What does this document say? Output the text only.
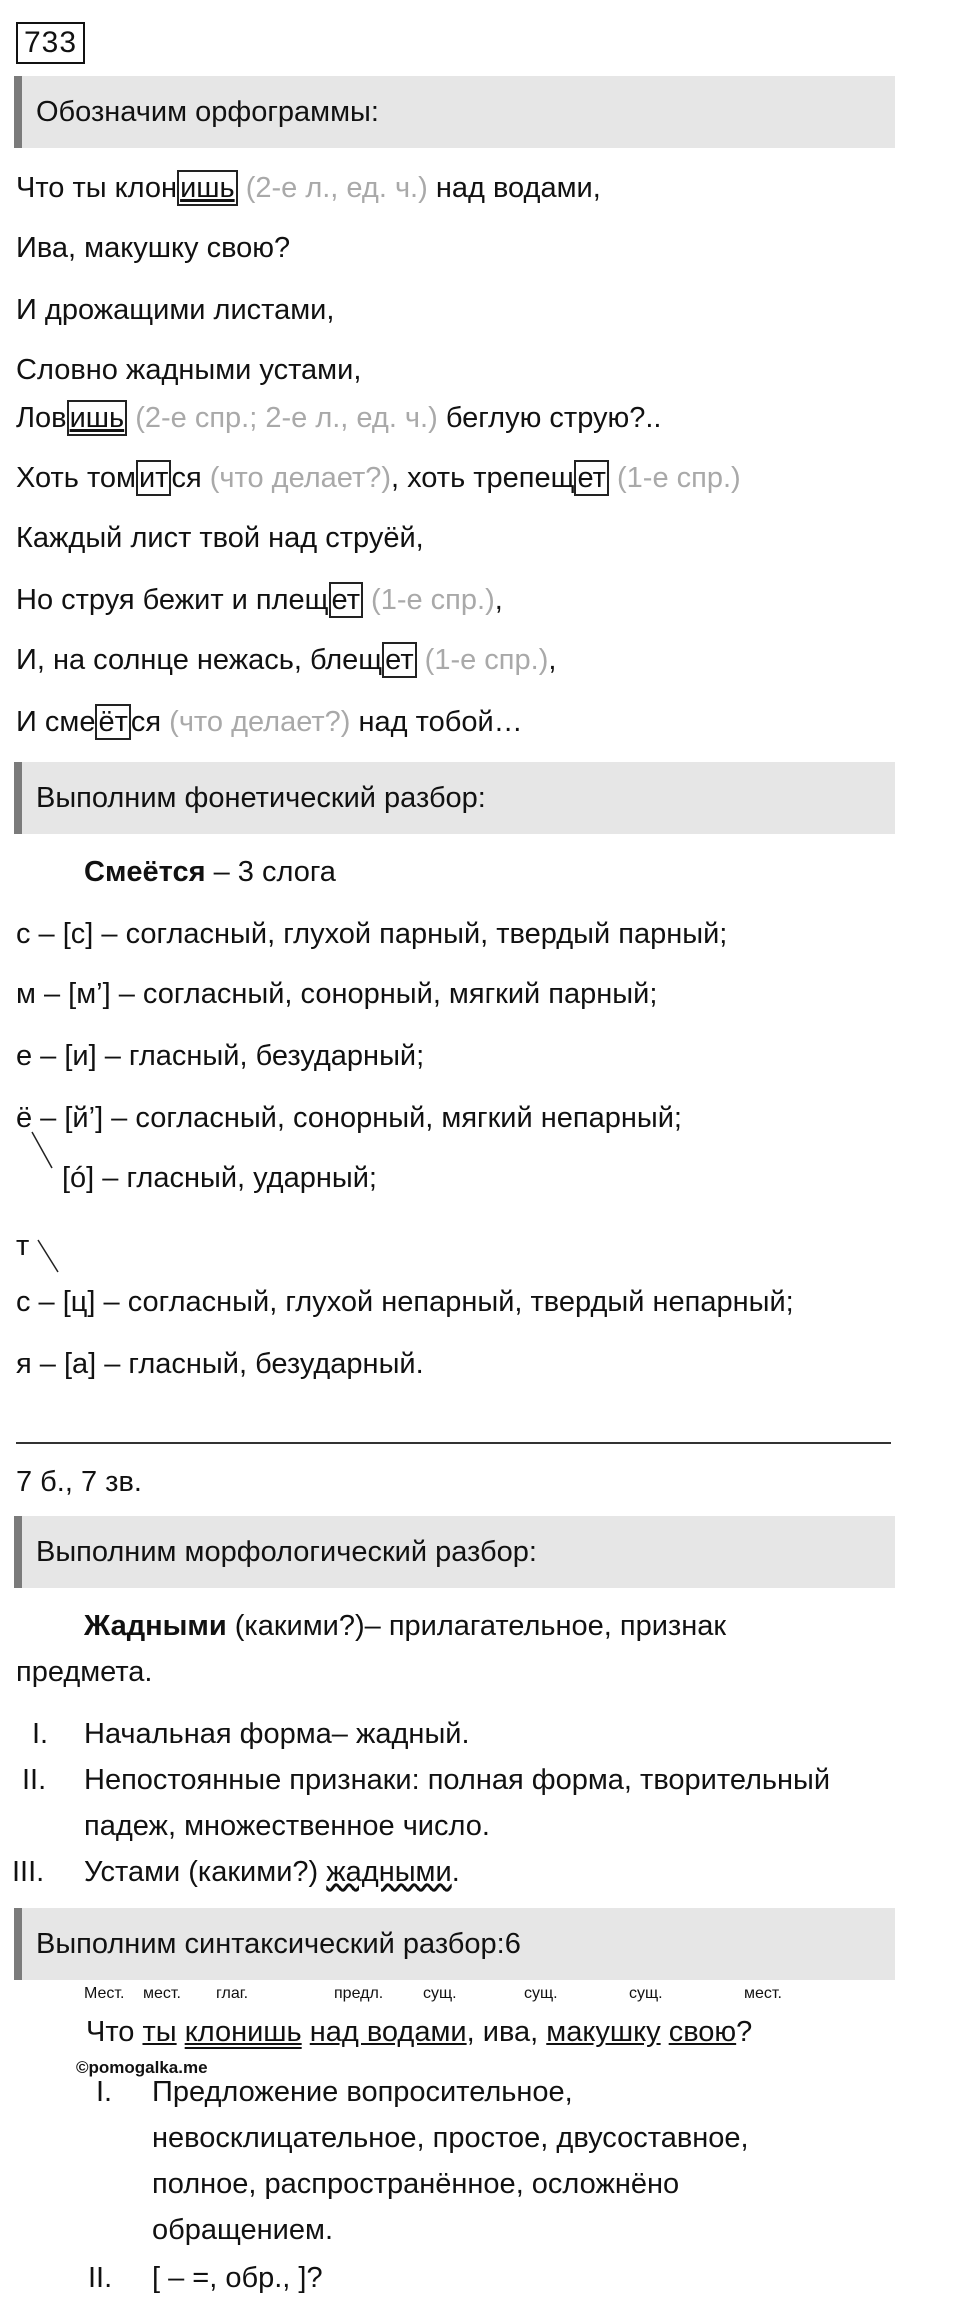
733
Обозначим орфограммы:
Что ты клон ишь (2-е л., ед. ч.) над водами,
Ива, макушку свою?
И дрожащими листами,
Словно жадными устами,
Лов ишь (2-е спр.; 2-е л., ед. ч.) беглую струю?..
Хоть том ит ся (что делает?), хоть трепещ ет (1-е спр.)
Каждый лист твой над струёй,
Но струя бежит и плещ ет (1-е спр.),
И, на солнце нежась, блещ ет (1-е спр.),
И сме ёт ся (что делает?) над тобой…
Выполним фонетический разбор:
Смеётся – 3 слога
с – [с] – согласный, глухой парный, твердый парный;
м – [м’] – согласный, сонорный, мягкий парный;
е – [и] – гласный, безударный;
ё – [й’] – согласный, сонорный, мягкий непарный;
[ó] – гласный, ударный;
т
с – [ц] – согласный, глухой непарный, твердый непарный;
я – [а] – гласный, безударный.
7 б., 7 зв.
Выполним морфологический разбор:
Жадными (какими?)– прилагательное, признак
предмета.
I. Начальная форма– жадный.
II. Непостоянные признаки: полная форма, творительный
падеж, множественное число.
III. Устами (какими?) жадными.
Выполним синтаксический разбор:6
Мест. мест. глаг.	предл. сущ.	сущ.	сущ.	мест.
Что ты клонишь над водами, ива, макушку свою?
©pomogalka.me
I. Предложение вопросительное,
невосклицательное, простое, двусоставное,
полное, распространённое, осложнёно
обращением.
II. [ – =, обр., ]?
